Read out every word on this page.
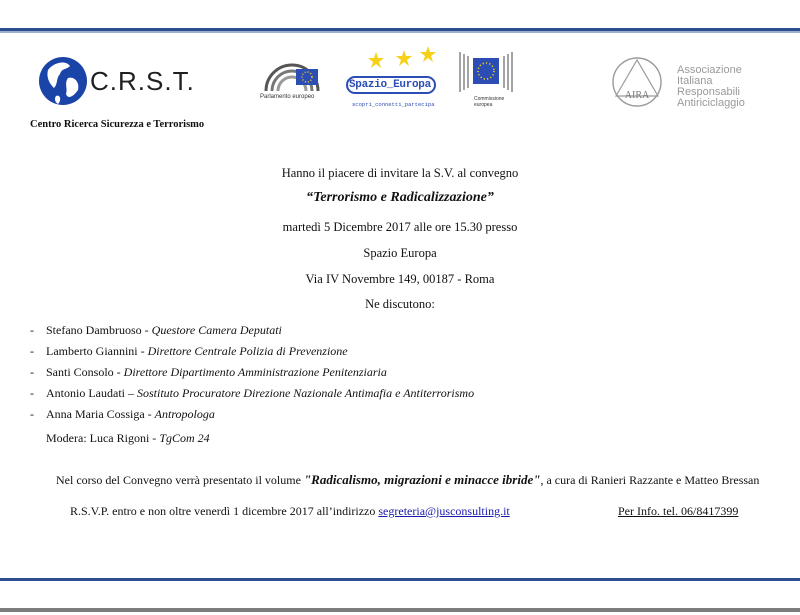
C.R.S.T.
Centro Ricerca Sicurezza e Terrorismo
Parlamento europeo
Spazio_Europa
scopri_connetti_partecipa
Commissione europea
AIRA
Associazione
Italiana
Responsabili
Antiriciclaggio
Hanno il piacere di invitare la S.V. al convegno
“Terrorismo e Radicalizzazione”
martedì 5 Dicembre 2017 alle ore 15.30 presso
Spazio Europa
Via IV Novembre 149, 00187 - Roma
Ne discutono:
- Stefano Dambruoso - Questore Camera Deputati
- Lamberto Giannini - Direttore Centrale Polizia di Prevenzione
- Santi Consolo - Direttore Dipartimento Amministrazione Penitenziaria
- Antonio Laudati – Sostituto Procuratore Direzione Nazionale Antimafia e Antiterrorismo
- Anna Maria Cossiga - Antropologa
Modera: Luca Rigoni - TgCom 24
Nel corso del Convegno verrà presentato il volume "Radicalismo, migrazioni e minacce ibride", a cura di Ranieri Razzante e Matteo Bressan
R.S.V.P. entro e non oltre venerdì 1 dicembre 2017 all’indirizzo segreteria@jusconsulting.it	Per Info. tel. 06/8417399
